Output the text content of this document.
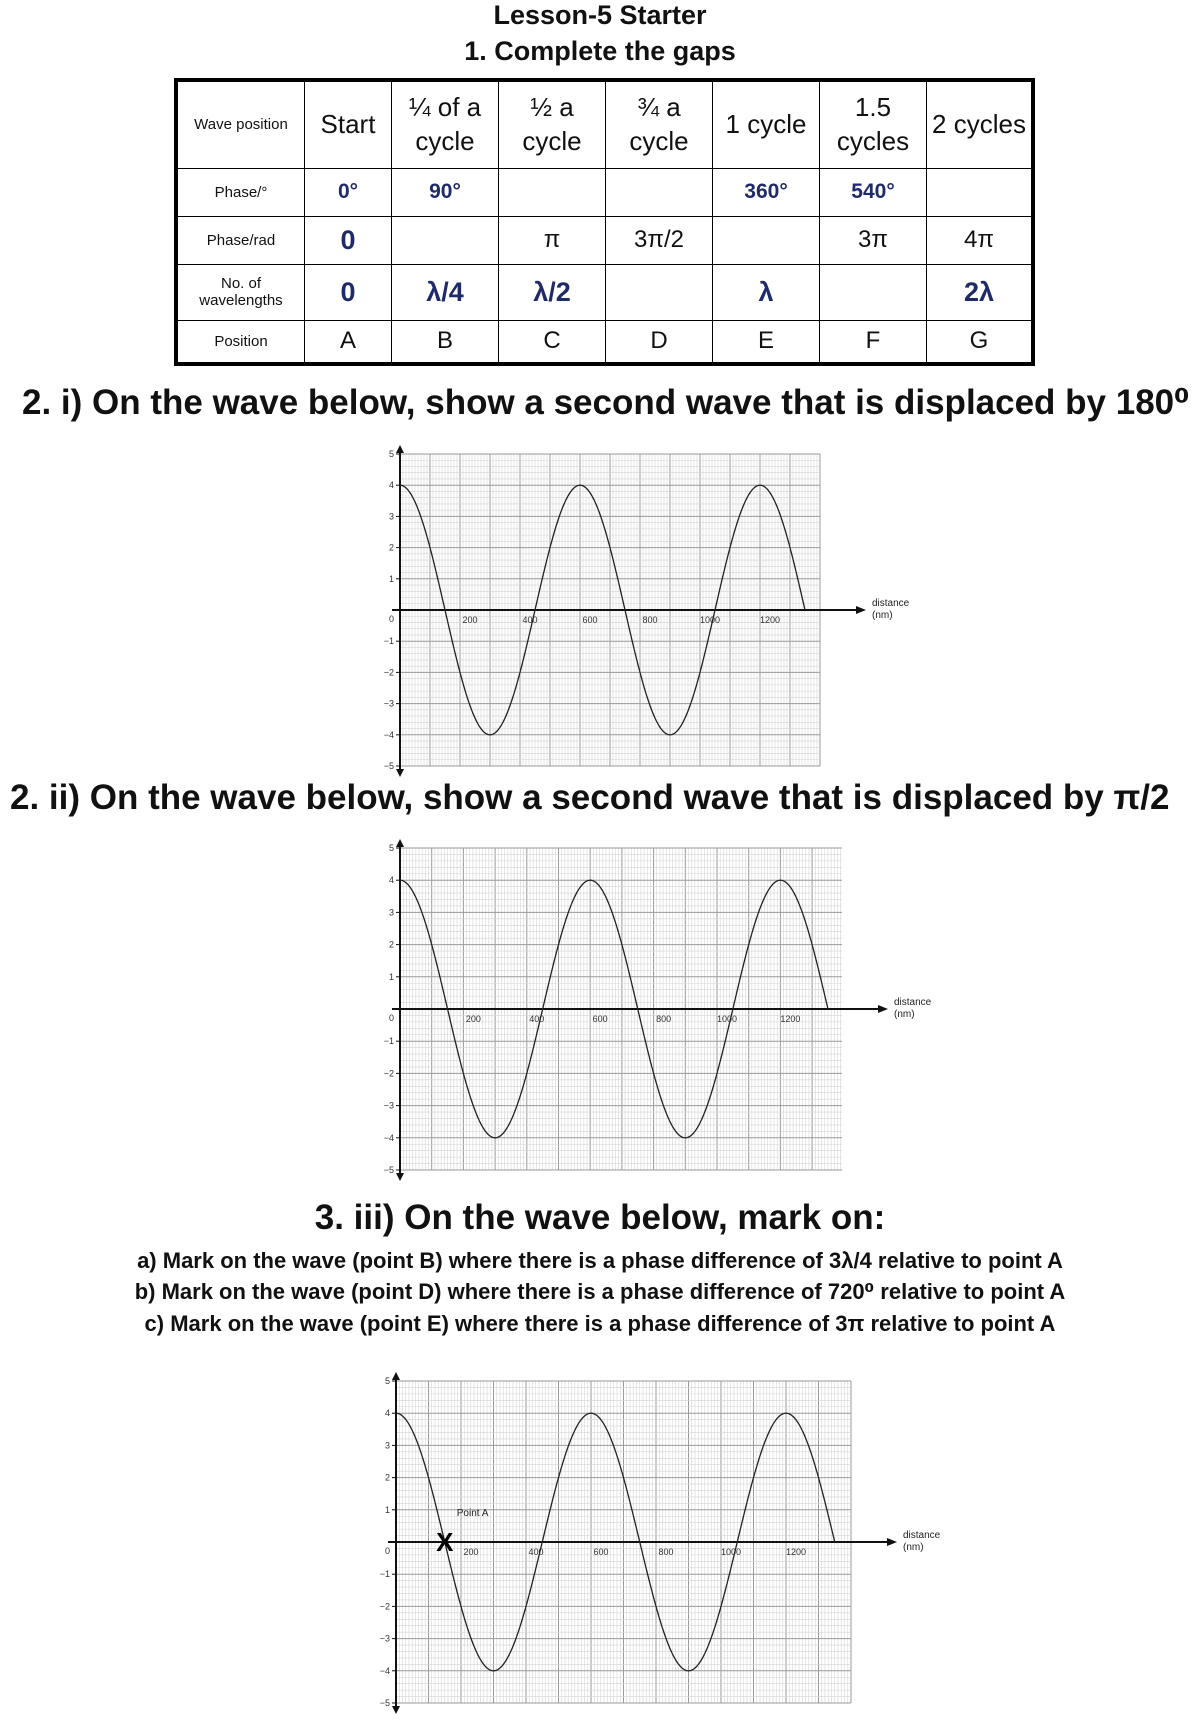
Lesson-5 Starter
1. Complete the gaps
Wave position	Start	¼ of a cycle	½ a cycle	¾ a cycle	1 cycle	1.5 cycles	2 cycles
Phase/°	0°	90°			360°	540°	
Phase/rad	0		π	3π/2		3π	4π
No. of wavelengths	0	λ/4	λ/2		λ		2λ
Position	A	B	C	D	E	F	G
2. i) On the wave below, show a second wave that is displaced by 180⁰
−5
−4
−3
−2
−1
0
1
2
3
4
5
200	400	600	800	1000	1200
distance
(nm)
2. ii) On the wave below, show a second wave that is displaced by π/2
−5
−4
−3
−2
−1
0
1
2
3
4
5
200	400	600	800	1000	1200
distance
(nm)
3. iii) On the wave below, mark on:
a) Mark on the wave (point B) where there is a phase difference of 3λ/4 relative to point A
b) Mark on the wave (point D) where there is a phase difference of 720⁰ relative to point A
c) Mark on the wave (point E) where there is a phase difference of 3π relative to point A
−5
−4
−3
−2
−1
0
1
2
3
4
5
200	400	600	800	1000	1200
distance
(nm)
X
Point A
